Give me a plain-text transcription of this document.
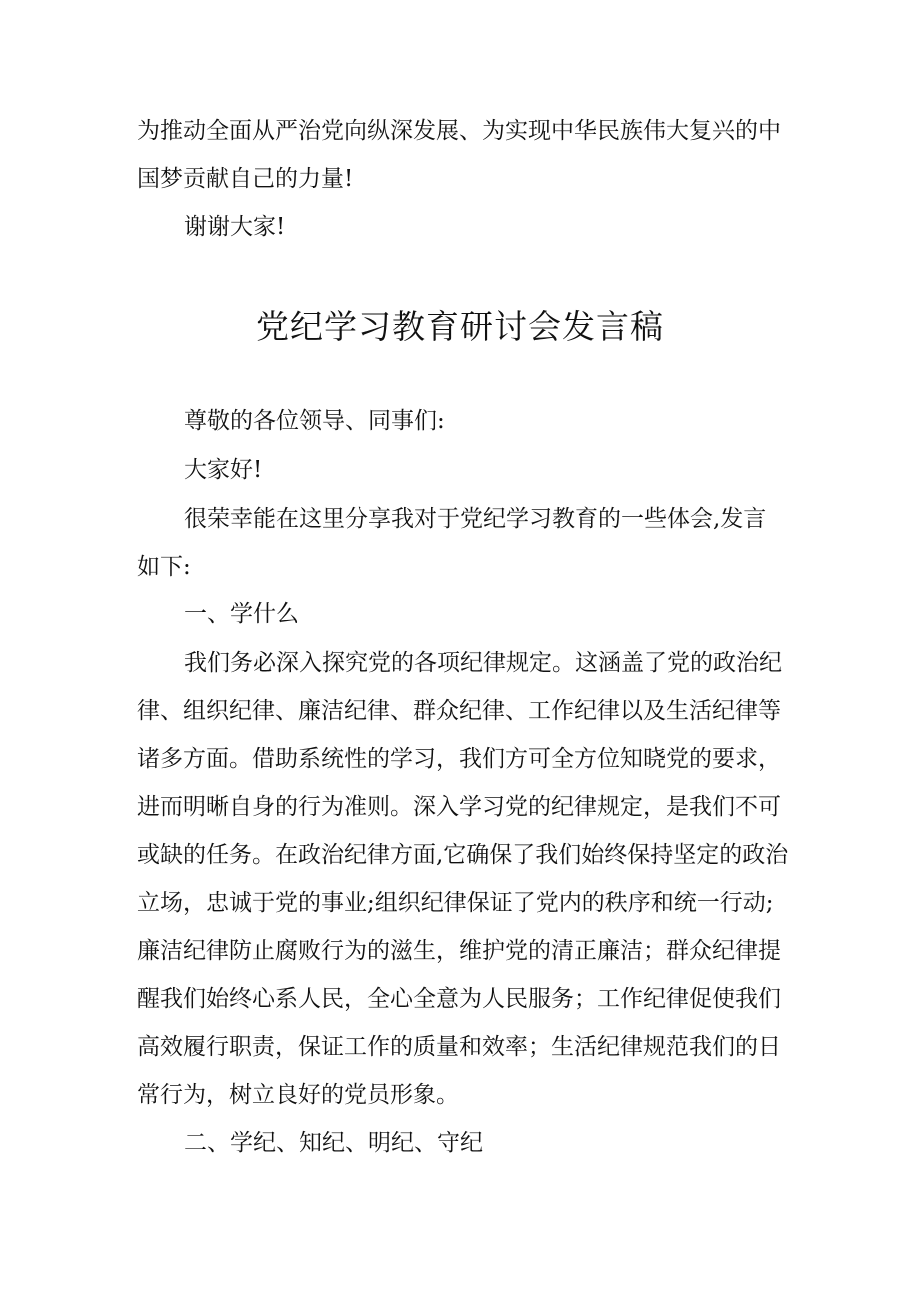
为推动全面从严治党向纵深发展、为实现中华民族伟大复兴的中
国梦贡献自己的力量!
谢谢大家!
党纪学习教育研讨会发言稿
尊敬的各位领导、同事们:
大家好!
很荣幸能在这里分享我对于党纪学习教育的一些体会,发言
如下:
一、学什么
我们务必深入探究党的各项纪律规定。这涵盖了党的政治纪
律、组织纪律、廉洁纪律、群众纪律、工作纪律以及生活纪律等
诸多方面。借助系统性的学习，我们方可全方位知晓党的要求，
进而明晰自身的行为准则。深入学习党的纪律规定，是我们不可
或缺的任务。在政治纪律方面,它确保了我们始终保持坚定的政治
立场，忠诚于党的事业;组织纪律保证了党内的秩序和统一行动;
廉洁纪律防止腐败行为的滋生，维护党的清正廉洁；群众纪律提
醒我们始终心系人民，全心全意为人民服务；工作纪律促使我们
高效履行职责，保证工作的质量和效率；生活纪律规范我们的日
常行为，树立良好的党员形象。
二、学纪、知纪、明纪、守纪
